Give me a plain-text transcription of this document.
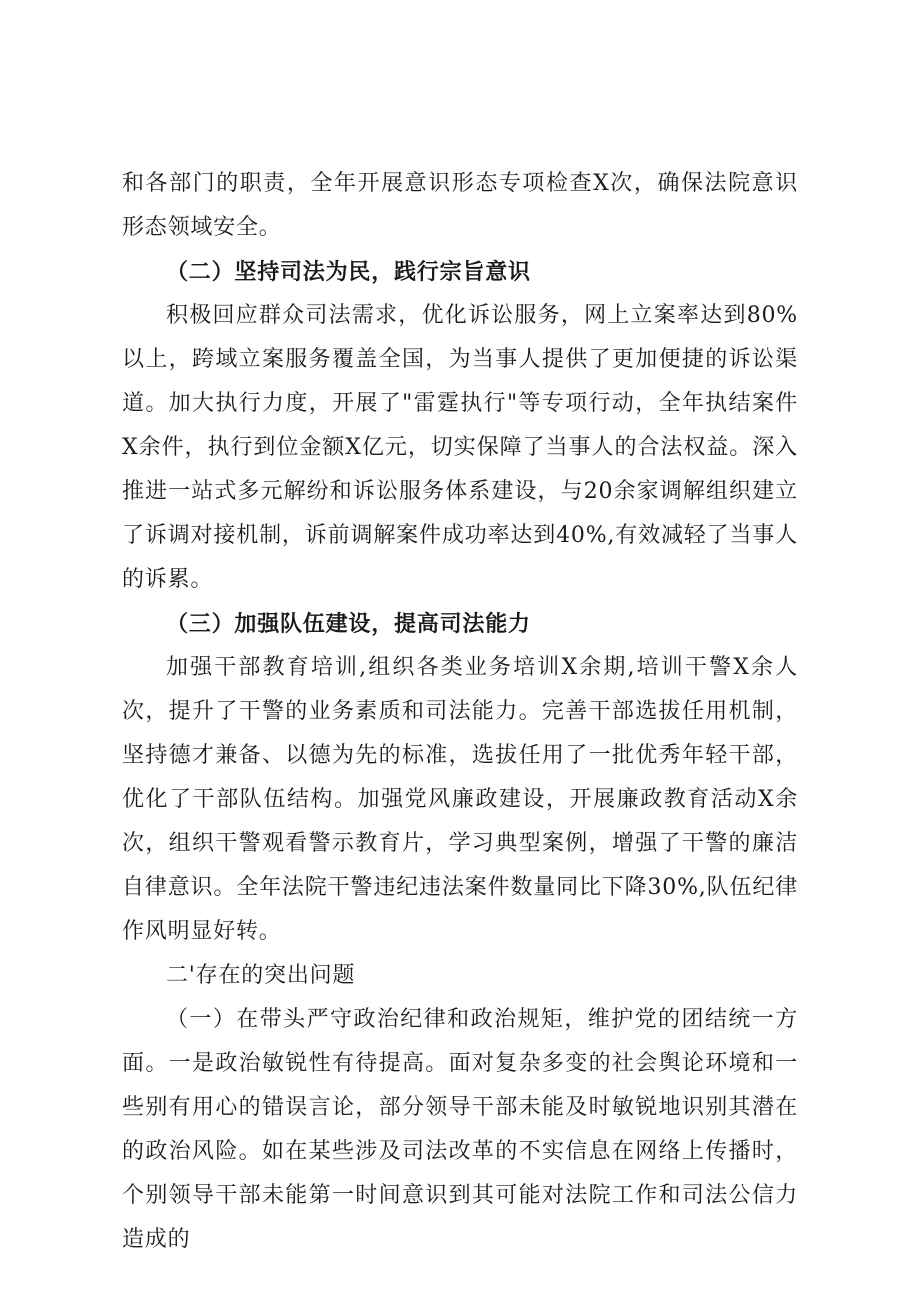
和各部门的职责，全年开展意识形态专项检查X次，确保法院意识形态领域安全。

（二）坚持司法为民，践行宗旨意识

积极回应群众司法需求，优化诉讼服务，网上立案率达到80%以上，跨域立案服务覆盖全国，为当事人提供了更加便捷的诉讼渠道。加大执行力度，开展了"雷霆执行"等专项行动，全年执结案件X余件，执行到位金额X亿元，切实保障了当事人的合法权益。深入推进一站式多元解纷和诉讼服务体系建设，与20余家调解组织建立了诉调对接机制，诉前调解案件成功率达到40%,有效减轻了当事人的诉累。

（三）加强队伍建设，提高司法能力

加强干部教育培训,组织各类业务培训X余期,培训干警X余人次，提升了干警的业务素质和司法能力。完善干部选拔任用机制，坚持德才兼备、以德为先的标准，选拔任用了一批优秀年轻干部，优化了干部队伍结构。加强党风廉政建设，开展廉政教育活动X余次，组织干警观看警示教育片，学习典型案例，增强了干警的廉洁自律意识。全年法院干警违纪违法案件数量同比下降30%,队伍纪律作风明显好转。

二'存在的突出问题

（一）在带头严守政治纪律和政治规矩，维护党的团结统一方面。一是政治敏锐性有待提高。面对复杂多变的社会舆论环境和一些别有用心的错误言论，部分领导干部未能及时敏锐地识别其潜在的政治风险。如在某些涉及司法改革的不实信息在网络上传播时，个别领导干部未能第一时间意识到其可能对法院工作和司法公信力造成的
